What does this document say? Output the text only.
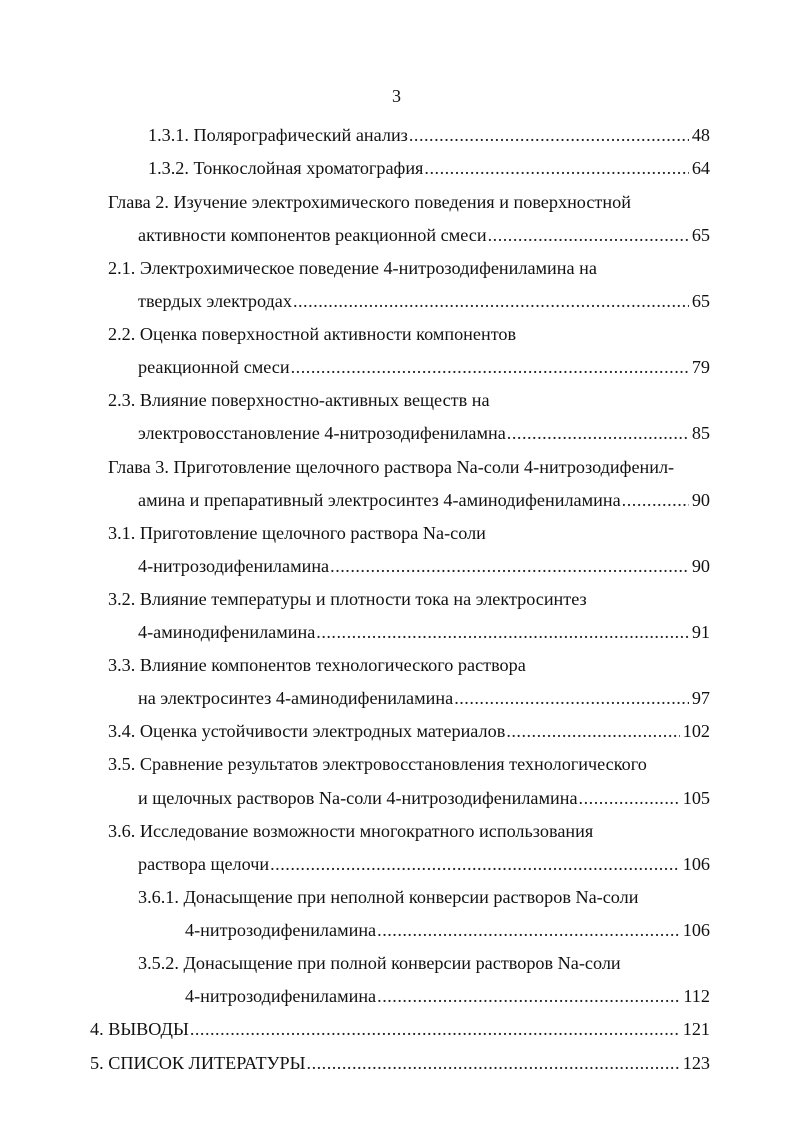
3
1.3.1. Полярографический анализ .....	48
1.3.2. Тонкослойная хроматография .....	64
Глава 2. Изучение электрохимического поведения и поверхностной
активности компонентов реакционной смеси .....	65
2.1. Электрохимическое поведение 4-нитрозодифениламина на
твердых электродах .....	65
2.2. Оценка поверхностной активности компонентов
реакционной смеси .....	79
2.3. Влияние поверхностно-активных веществ на
электровосстановление 4-нитрозодифениламна .....	85
Глава 3. Приготовление щелочного раствора Na-соли 4-нитрозодифенил-
амина и препаративный электросинтез 4-аминодифениламина .....	90
3.1. Приготовление щелочного раствора Na-соли
4-нитрозодифениламина .....	90
3.2. Влияние температуры и плотности тока на электросинтез
4-аминодифениламина .....	91
3.3. Влияние компонентов технологического раствора
на электросинтез 4-аминодифениламина .....	97
3.4. Оценка устойчивости электродных материалов .....	102
3.5. Сравнение результатов электровосстановления технологического
и щелочных растворов Na-соли 4-нитрозодифениламина .....	105
3.6. Исследование возможности многократного использования
раствора щелочи .....	106
3.6.1. Донасыщение при неполной конверсии растворов Na-соли
4-нитрозодифениламина .....	106
3.5.2. Донасыщение при полной конверсии растворов Na-соли
4-нитрозодифениламина .....	112
4. ВЫВОДЫ .....	121
5. СПИСОК ЛИТЕРАТУРЫ .....	123
